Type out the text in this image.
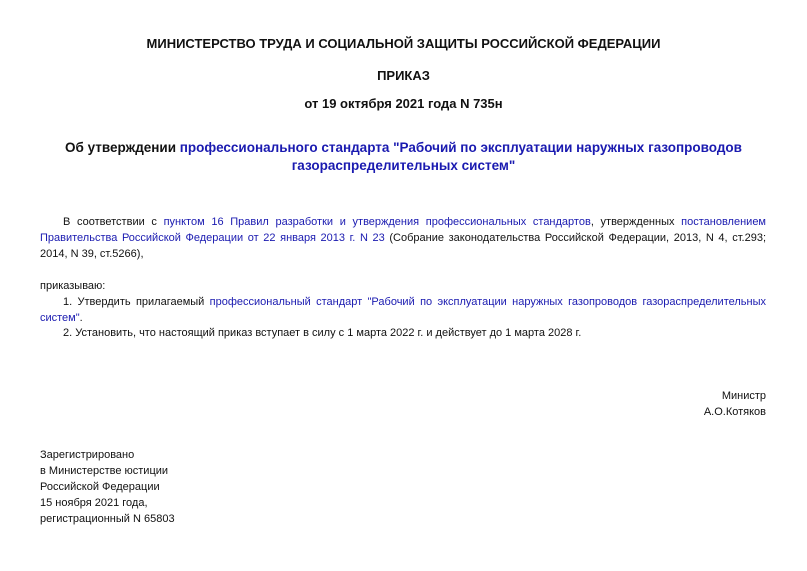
МИНИСТЕРСТВО ТРУДА И СОЦИАЛЬНОЙ ЗАЩИТЫ РОССИЙСКОЙ ФЕДЕРАЦИИ
ПРИКАЗ
от 19 октября 2021 года N 735н
Об утверждении профессионального стандарта "Рабочий по эксплуатации наружных газопроводов газораспределительных систем"

В соответствии с пунктом 16 Правил разработки и утверждения профессиональных стандартов, утвержденных постановлением Правительства Российской Федерации от 22 января 2013 г. N 23 (Собрание законодательства Российской Федерации, 2013, N 4, ст.293; 2014, N 39, ст.5266),

приказываю:

1. Утвердить прилагаемый профессиональный стандарт "Рабочий по эксплуатации наружных газопроводов газораспределительных систем".

2. Установить, что настоящий приказ вступает в силу с 1 марта 2022 г. и действует до 1 марта 2028 г.

Министр
А.О.Котяков
Зарегистрировано
в Министерстве юстиции
Российской Федерации
15 ноября 2021 года,
регистрационный N 65803
